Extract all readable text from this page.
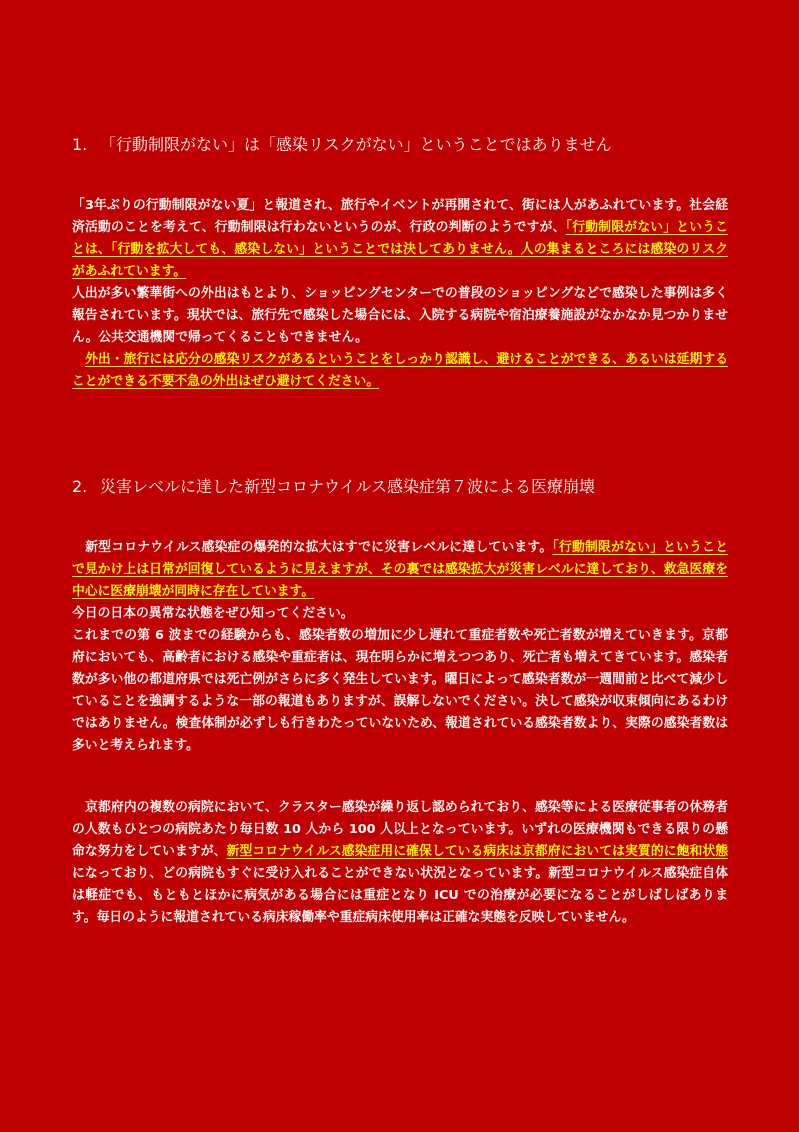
1. 「行動制限がない」は「感染リスクがない」ということではありません
「3年ぶりの行動制限がない夏」と報道され、旅行やイベントが再開されて、街には人があふれています。社会経済活動のことを考えて、行動制限は行わないというのが、行政の判断のようですが、「行動制限がない」ということは、「行動を拡大しても、感染しない」ということでは決してありません。人の集まるところには感染のリスクがあふれています。
人出が多い繁華街への外出はもとより、ショッピングセンターでの普段のショッピングなどで感染した事例は多く報告されています。現状では、旅行先で感染した場合には、入院する病院や宿泊療養施設がなかなか見つかりません。公共交通機関で帰ってくることもできません。
外出・旅行には応分の感染リスクがあるということをしっかり認識し、避けることができる、あるいは延期することができる不要不急の外出はぜひ避けてください。
2. 災害レベルに達した新型コロナウイルス感染症第７波による医療崩壊
新型コロナウイルス感染症の爆発的な拡大はすでに災害レベルに達しています。「行動制限がない」ということで見かけ上は日常が回復しているように見えますが、その裏では感染拡大が災害レベルに達しており、救急医療を中心に医療崩壊が同時に存在しています。
今日の日本の異常な状態をぜひ知ってください。
これまでの第 6 波までの経験からも、感染者数の増加に少し遅れて重症者数や死亡者数が増えていきます。京都府においても、高齢者における感染や重症者は、現在明らかに増えつつあり、死亡者も増えてきています。感染者数が多い他の都道府県では死亡例がさらに多く発生しています。曜日によって感染者数が一週間前と比べて減少していることを強調するような一部の報道もありますが、誤解しないでください。決して感染が収束傾向にあるわけではありません。検査体制が必ずしも行きわたっていないため、報道されている感染者数より、実際の感染者数は多いと考えられます。
京都府内の複数の病院において、クラスター感染が繰り返し認められており、感染等による医療従事者の休務者の人数もひとつの病院あたり毎日数 10 人から 100 人以上となっています。いずれの医療機関もできる限りの懸命な努力をしていますが、新型コロナウイルス感染症用に確保している病床は京都府においては実質的に飽和状態になっており、どの病院もすぐに受け入れることができない状況となっています。新型コロナウイルス感染症自体は軽症でも、もともとほかに病気がある場合には重症となり ICU での治療が必要になることがしばしばあります。毎日のように報道されている病床稼働率や重症病床使用率は正確な実態を反映していません。
